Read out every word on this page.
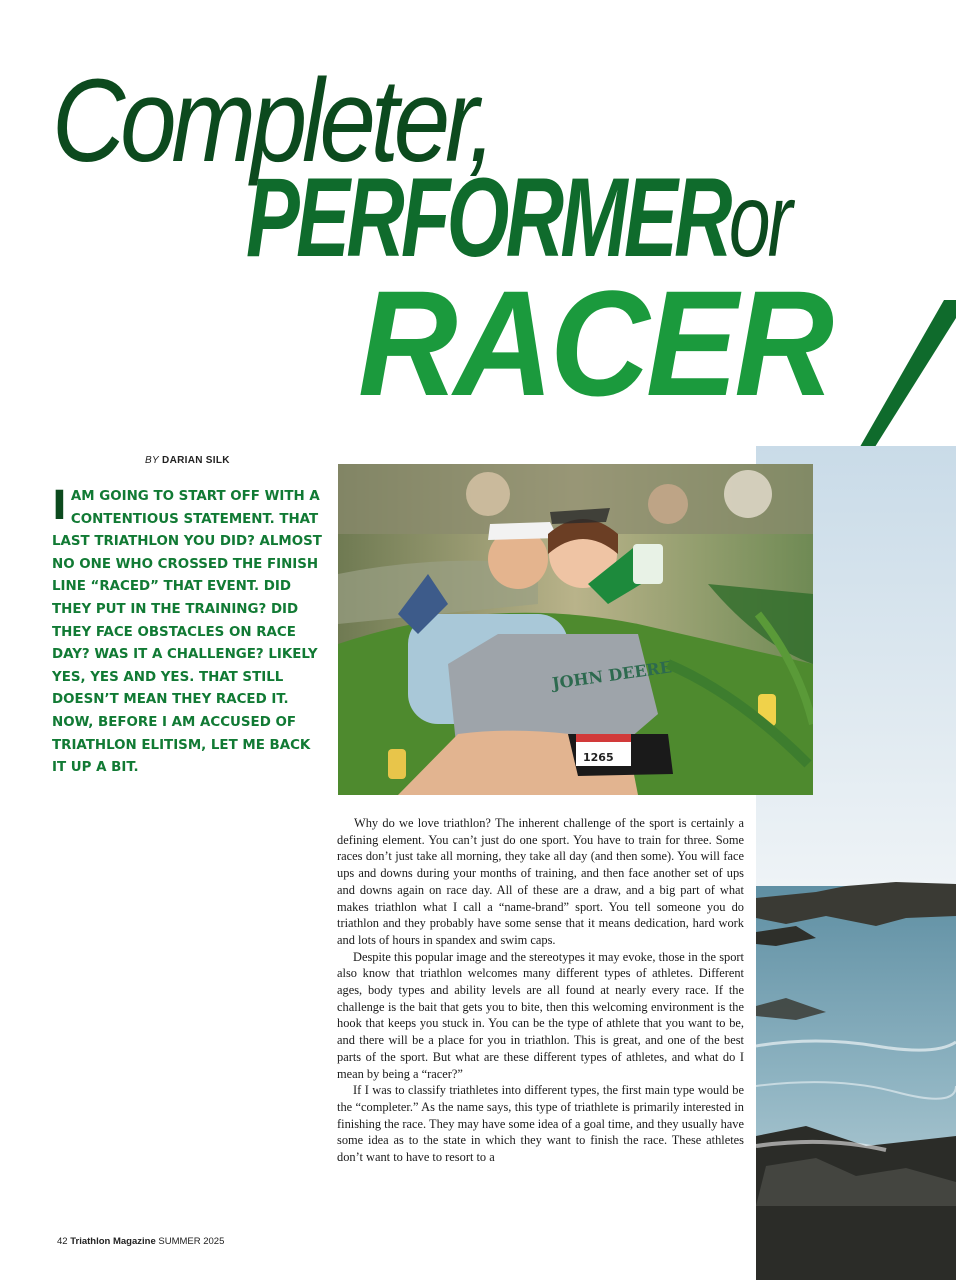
Completer,
PERFORMERor
RACER
BY DARIAN SILK
IAM GOING TO START OFF WITH A CONTENTIOUS STATEMENT. THAT LAST TRIATHLON YOU DID? ALMOST NO ONE WHO CROSSED THE FINISH LINE “RACED” THAT EVENT. DID THEY PUT IN THE TRAINING? DID THEY FACE OBSTACLES ON RACE DAY? WAS IT A CHALLENGE? LIKELY YES, YES AND YES. THAT STILL DOESN’T MEAN THEY RACED IT. NOW, BEFORE I AM ACCUSED OF TRIATHLON ELITISM, LET ME BACK IT UP A BIT.
JOHN DEERE
1265

Why do we love triathlon? The inherent challenge of the sport is certainly a defining element. You can’t just do one sport. You have to train for three. Some races don’t just take all morning, they take all day (and then some). You will face ups and downs during your months of training, and then face another set of ups and downs again on race day. All of these are a draw, and a big part of what makes triathlon what I call a “name-brand” sport. You tell someone you do triathlon and they probably have some sense that it means dedication, hard work and lots of hours in spandex and swim caps.

Despite this popular image and the stereotypes it may evoke, those in the sport also know that triathlon welcomes many different types of athletes. Different ages, body types and ability levels are all found at nearly every race. If the challenge is the bait that gets you to bite, then this welcoming environment is the hook that keeps you stuck in. You can be the type of athlete that you want to be, and there will be a place for you in triathlon. This is great, and one of the best parts of the sport. But what are these different types of athletes, and what do I mean by being a “racer?”

If I was to classify triathletes into different types, the first main type would be the “completer.” As the name says, this type of triathlete is primarily interested in finishing the race. They may have some idea of a goal time, and they usually have some idea as to the state in which they want to finish the race. These athletes don’t want to have to resort to a

42 Triathlon Magazine SUMMER 2025
